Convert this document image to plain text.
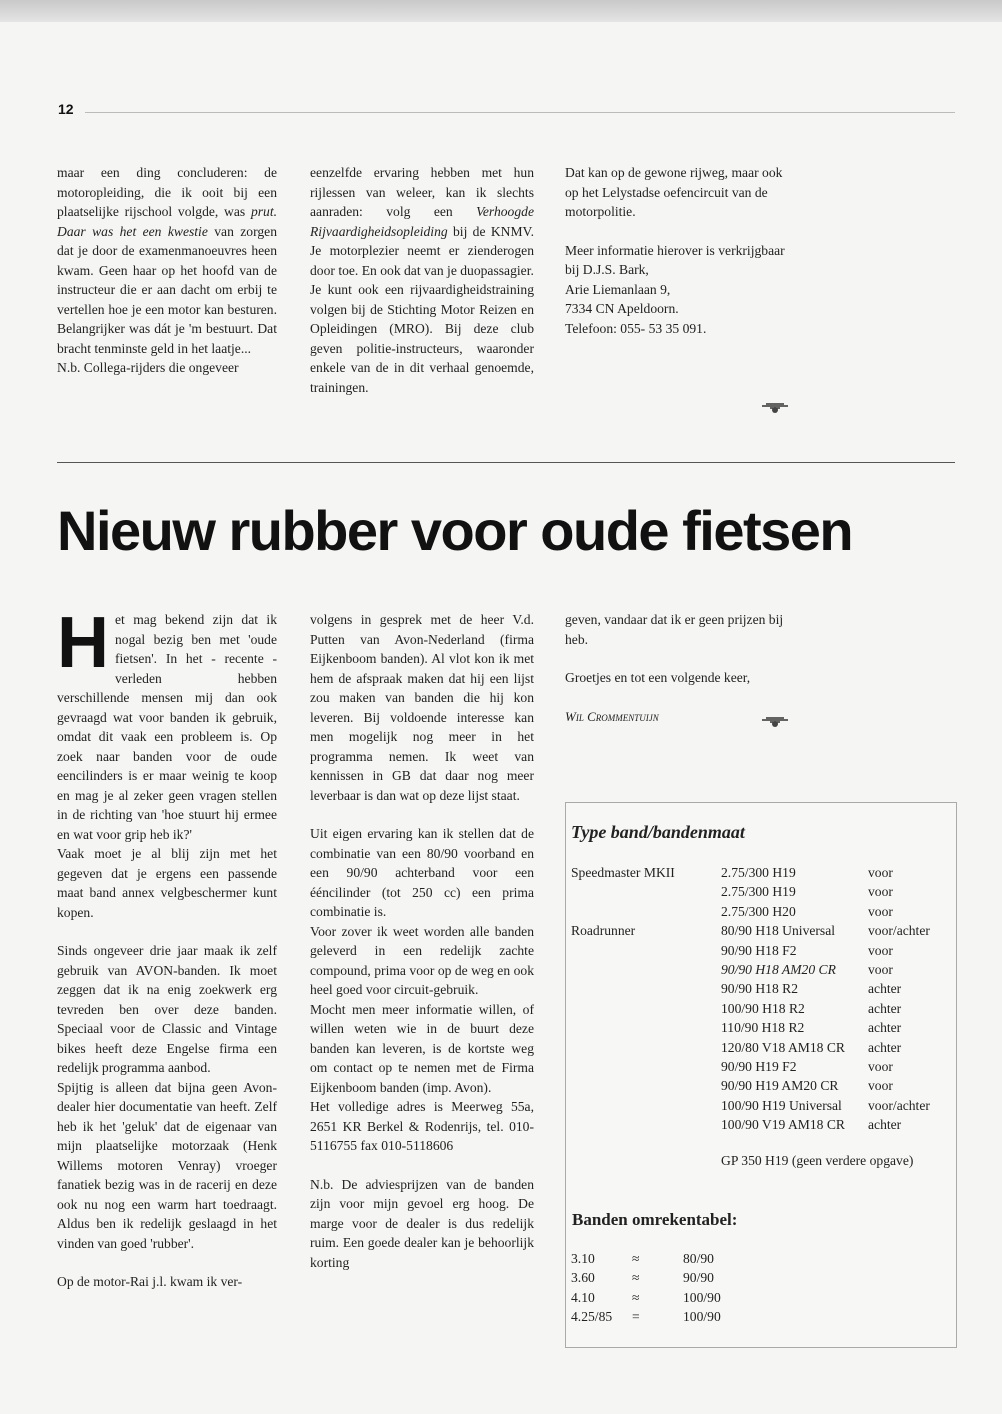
12

maar een ding concluderen: de motoropleiding, die ik ooit bij een plaatselijke rijschool volgde, was prut. Daar was het een kwestie van zorgen dat je door de examenmanoeuvres heen kwam. Geen haar op het hoofd van de instructeur die er aan dacht om erbij te vertellen hoe je een motor kan besturen. Belangrijker was dát je 'm bestuurt. Dat bracht tenminste geld in het laatje...

N.b. Collega-rijders die ongeveer

eenzelfde ervaring hebben met hun rijlessen van weleer, kan ik slechts aanraden: volg een Verhoogde Rijvaardigheidsopleiding bij de KNMV. Je motorplezier neemt er zienderogen door toe. En ook dat van je duopassagier.

Je kunt ook een rijvaardigheidstraining volgen bij de Stichting Motor Reizen en Opleidingen (MRO). Bij deze club geven politie-instructeurs, waaronder enkele van de in dit verhaal genoemde, trainingen.

Dat kan op de gewone rijweg, maar ook op het Lelystadse oefencircuit van de motorpolitie.

Meer informatie hierover is verkrijgbaar bij D.J.S. Bark,

Arie Liemanlaan 9,

7334 CN Apeldoorn.

Telefoon: 055- 53 35 091.

Nieuw rubber voor oude fietsen

Het mag bekend zijn dat ik nogal bezig ben met 'oude fietsen'. In het - recente - verleden hebben verschillende mensen mij dan ook gevraagd wat voor banden ik gebruik, omdat dit vaak een probleem is. Op zoek naar banden voor de oude eencilinders is er maar weinig te koop en mag je al zeker geen vragen stellen in de richting van 'hoe stuurt hij ermee en wat voor grip heb ik?'

Vaak moet je al blij zijn met het gegeven dat je ergens een passende maat band annex velgbeschermer kunt kopen.

Sinds ongeveer drie jaar maak ik zelf gebruik van AVON-banden. Ik moet zeggen dat ik na enig zoekwerk erg tevreden ben over deze banden. Speciaal voor de Classic and Vintage bikes heeft deze Engelse firma een redelijk programma aanbod.

Spijtig is alleen dat bijna geen Avon-dealer hier documentatie van heeft. Zelf heb ik het 'geluk' dat de eigenaar van mijn plaatselijke motorzaak (Henk Willems motoren Venray) vroeger fanatiek bezig was in de racerij en deze ook nu nog een warm hart toedraagt. Aldus ben ik redelijk geslaagd in het vinden van goed 'rubber'.

Op de motor-Rai j.l. kwam ik ver-

volgens in gesprek met de heer V.d. Putten van Avon-Nederland (firma Eijkenboom banden). Al vlot kon ik met hem de afspraak maken dat hij een lijst zou maken van banden die hij kon leveren. Bij voldoende interesse kan men mogelijk nog meer in het programma nemen. Ik weet van kennissen in GB dat daar nog meer leverbaar is dan wat op deze lijst staat.

Uit eigen ervaring kan ik stellen dat de combinatie van een 80/90 voorband en een 90/90 achterband voor een ééncilinder (tot 250 cc) een prima combinatie is.

Voor zover ik weet worden alle banden geleverd in een redelijk zachte compound, prima voor op de weg en ook heel goed voor circuit-gebruik.

Mocht men meer informatie willen, of willen weten wie in de buurt deze banden kan leveren, is de kortste weg om contact op te nemen met de Firma Eijkenboom banden (imp. Avon).

Het volledige adres is Meerweg 55a, 2651 KR Berkel & Rodenrijs, tel. 010-5116755 fax 010-5118606

N.b. De adviesprijzen van de banden zijn voor mijn gevoel erg hoog. De marge voor de dealer is dus redelijk ruim. Een goede dealer kan je behoorlijk korting

geven, vandaar dat ik er geen prijzen bij heb.

Groetjes en tot een volgende keer,

Wil Crommentuijn

Type band/bandenmaat
Speedmaster MKII	2.75/300 H19	voor
2.75/300 H19	voor
2.75/300 H20	voor
Roadrunner	80/90 H18 Universal	voor/achter
90/90 H18 F2	voor
90/90 H18 AM20 CR	voor
90/90 H18 R2	achter
100/90 H18 R2	achter
110/90 H18 R2	achter
120/80 V18 AM18 CR	achter
90/90 H19 F2	voor
90/90 H19 AM20 CR	voor
100/90 H19 Universal	voor/achter
100/90 V19 AM18 CR	achter
GP 350 H19 (geen verdere opgave)
Banden omrekentabel:
3.10	≈	80/90
3.60	≈	90/90
4.10	≈	100/90
4.25/85 =	100/90
